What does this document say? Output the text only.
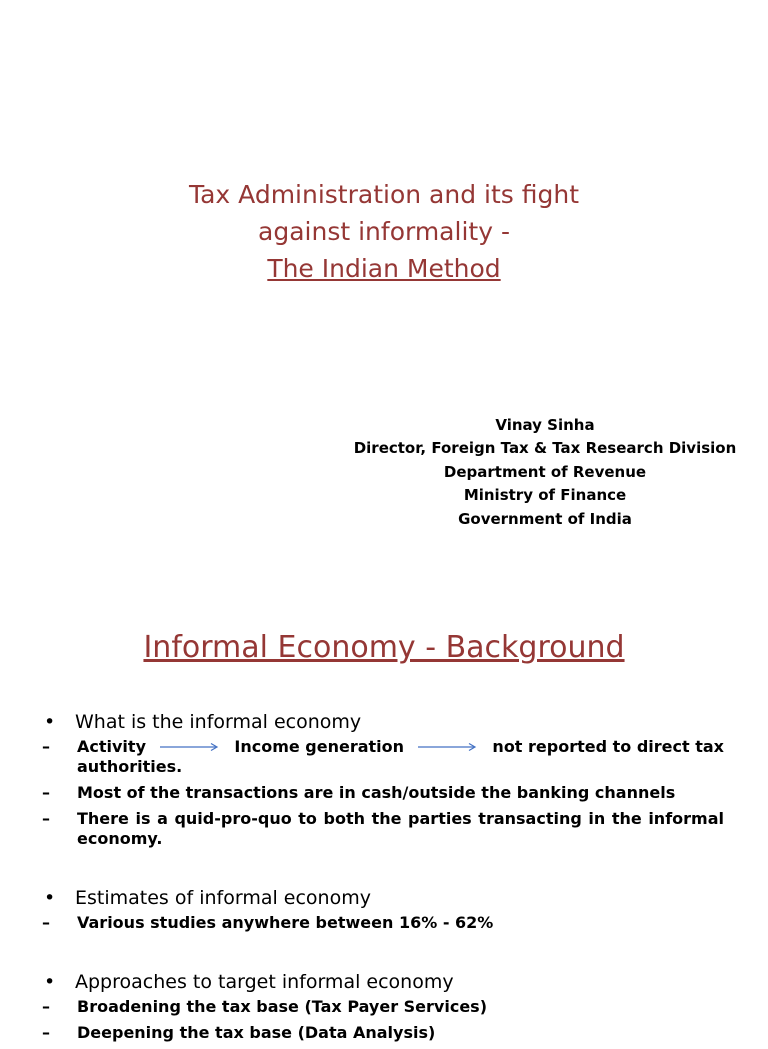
Tax Administration and its fight
against informality -
The Indian Method
Vinay Sinha
Director, Foreign Tax & Tax Research Division
Department of Revenue
Ministry of Finance
Government of India
Informal Economy - Background
• What is the informal economy
– Activity	Income generation	not reported to direct tax
authorities.
– Most of the transactions are in cash/outside the banking channels
– There is a quid-pro-quo to both the parties transacting in the informal economy.
• Estimates of informal economy
– Various studies anywhere between 16% - 62%
• Approaches to target informal economy
– Broadening the tax base (Tax Payer Services)
– Deepening the tax base (Data Analysis)
